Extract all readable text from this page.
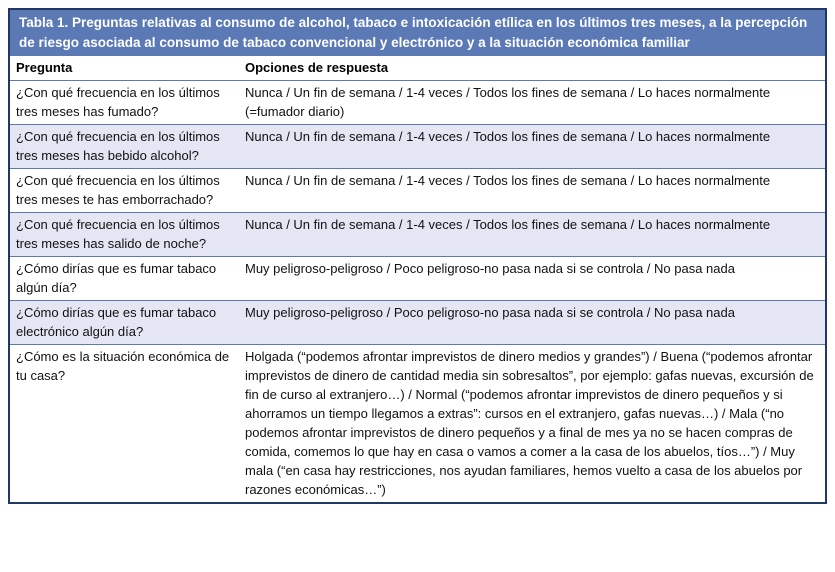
Tabla 1. Preguntas relativas al consumo de alcohol, tabaco e intoxicación etílica en los últimos tres meses, a la percepción de riesgo asociada al consumo de tabaco convencional y electrónico y a la situación económica familiar
Pregunta	Opciones de respuesta
¿Con qué frecuencia en los últimos tres meses has fumado?	Nunca / Un fin de semana / 1-4 veces / Todos los fines de semana / Lo haces normalmente (=fumador diario)
¿Con qué frecuencia en los últimos tres meses has bebido alcohol?	Nunca / Un fin de semana / 1-4 veces / Todos los fines de semana / Lo haces normalmente
¿Con qué frecuencia en los últimos tres meses te has emborrachado?	Nunca / Un fin de semana / 1-4 veces / Todos los fines de semana / Lo haces normalmente
¿Con qué frecuencia en los últimos tres meses has salido de noche?	Nunca / Un fin de semana / 1-4 veces / Todos los fines de semana / Lo haces normalmente
¿Cómo dirías que es fumar tabaco algún día?	Muy peligroso-peligroso / Poco peligroso-no pasa nada si se controla / No pasa nada
¿Cómo dirías que es fumar tabaco electrónico algún día?	Muy peligroso-peligroso / Poco peligroso-no pasa nada si se controla / No pasa nada
¿Cómo es la situación económica de tu casa?	Holgada (“podemos afrontar imprevistos de dinero medios y grandes”) / Buena (“podemos afrontar imprevistos de dinero de cantidad media sin sobresaltos”, por ejemplo: gafas nuevas, excursión de fin de curso al extranjero…) / Normal (“podemos afrontar imprevistos de dinero pequeños y si ahorramos un tiempo llegamos a extras”: cursos en el extranjero, gafas nuevas…) / Mala (“no podemos afrontar imprevistos de dinero pequeños y a final de mes ya no se hacen compras de comida, comemos lo que hay en casa o vamos a comer a la casa de los abuelos, tíos…”) / Muy mala (“en casa hay restricciones, nos ayudan familiares, hemos vuelto a casa de los abuelos por razones económicas…”)
